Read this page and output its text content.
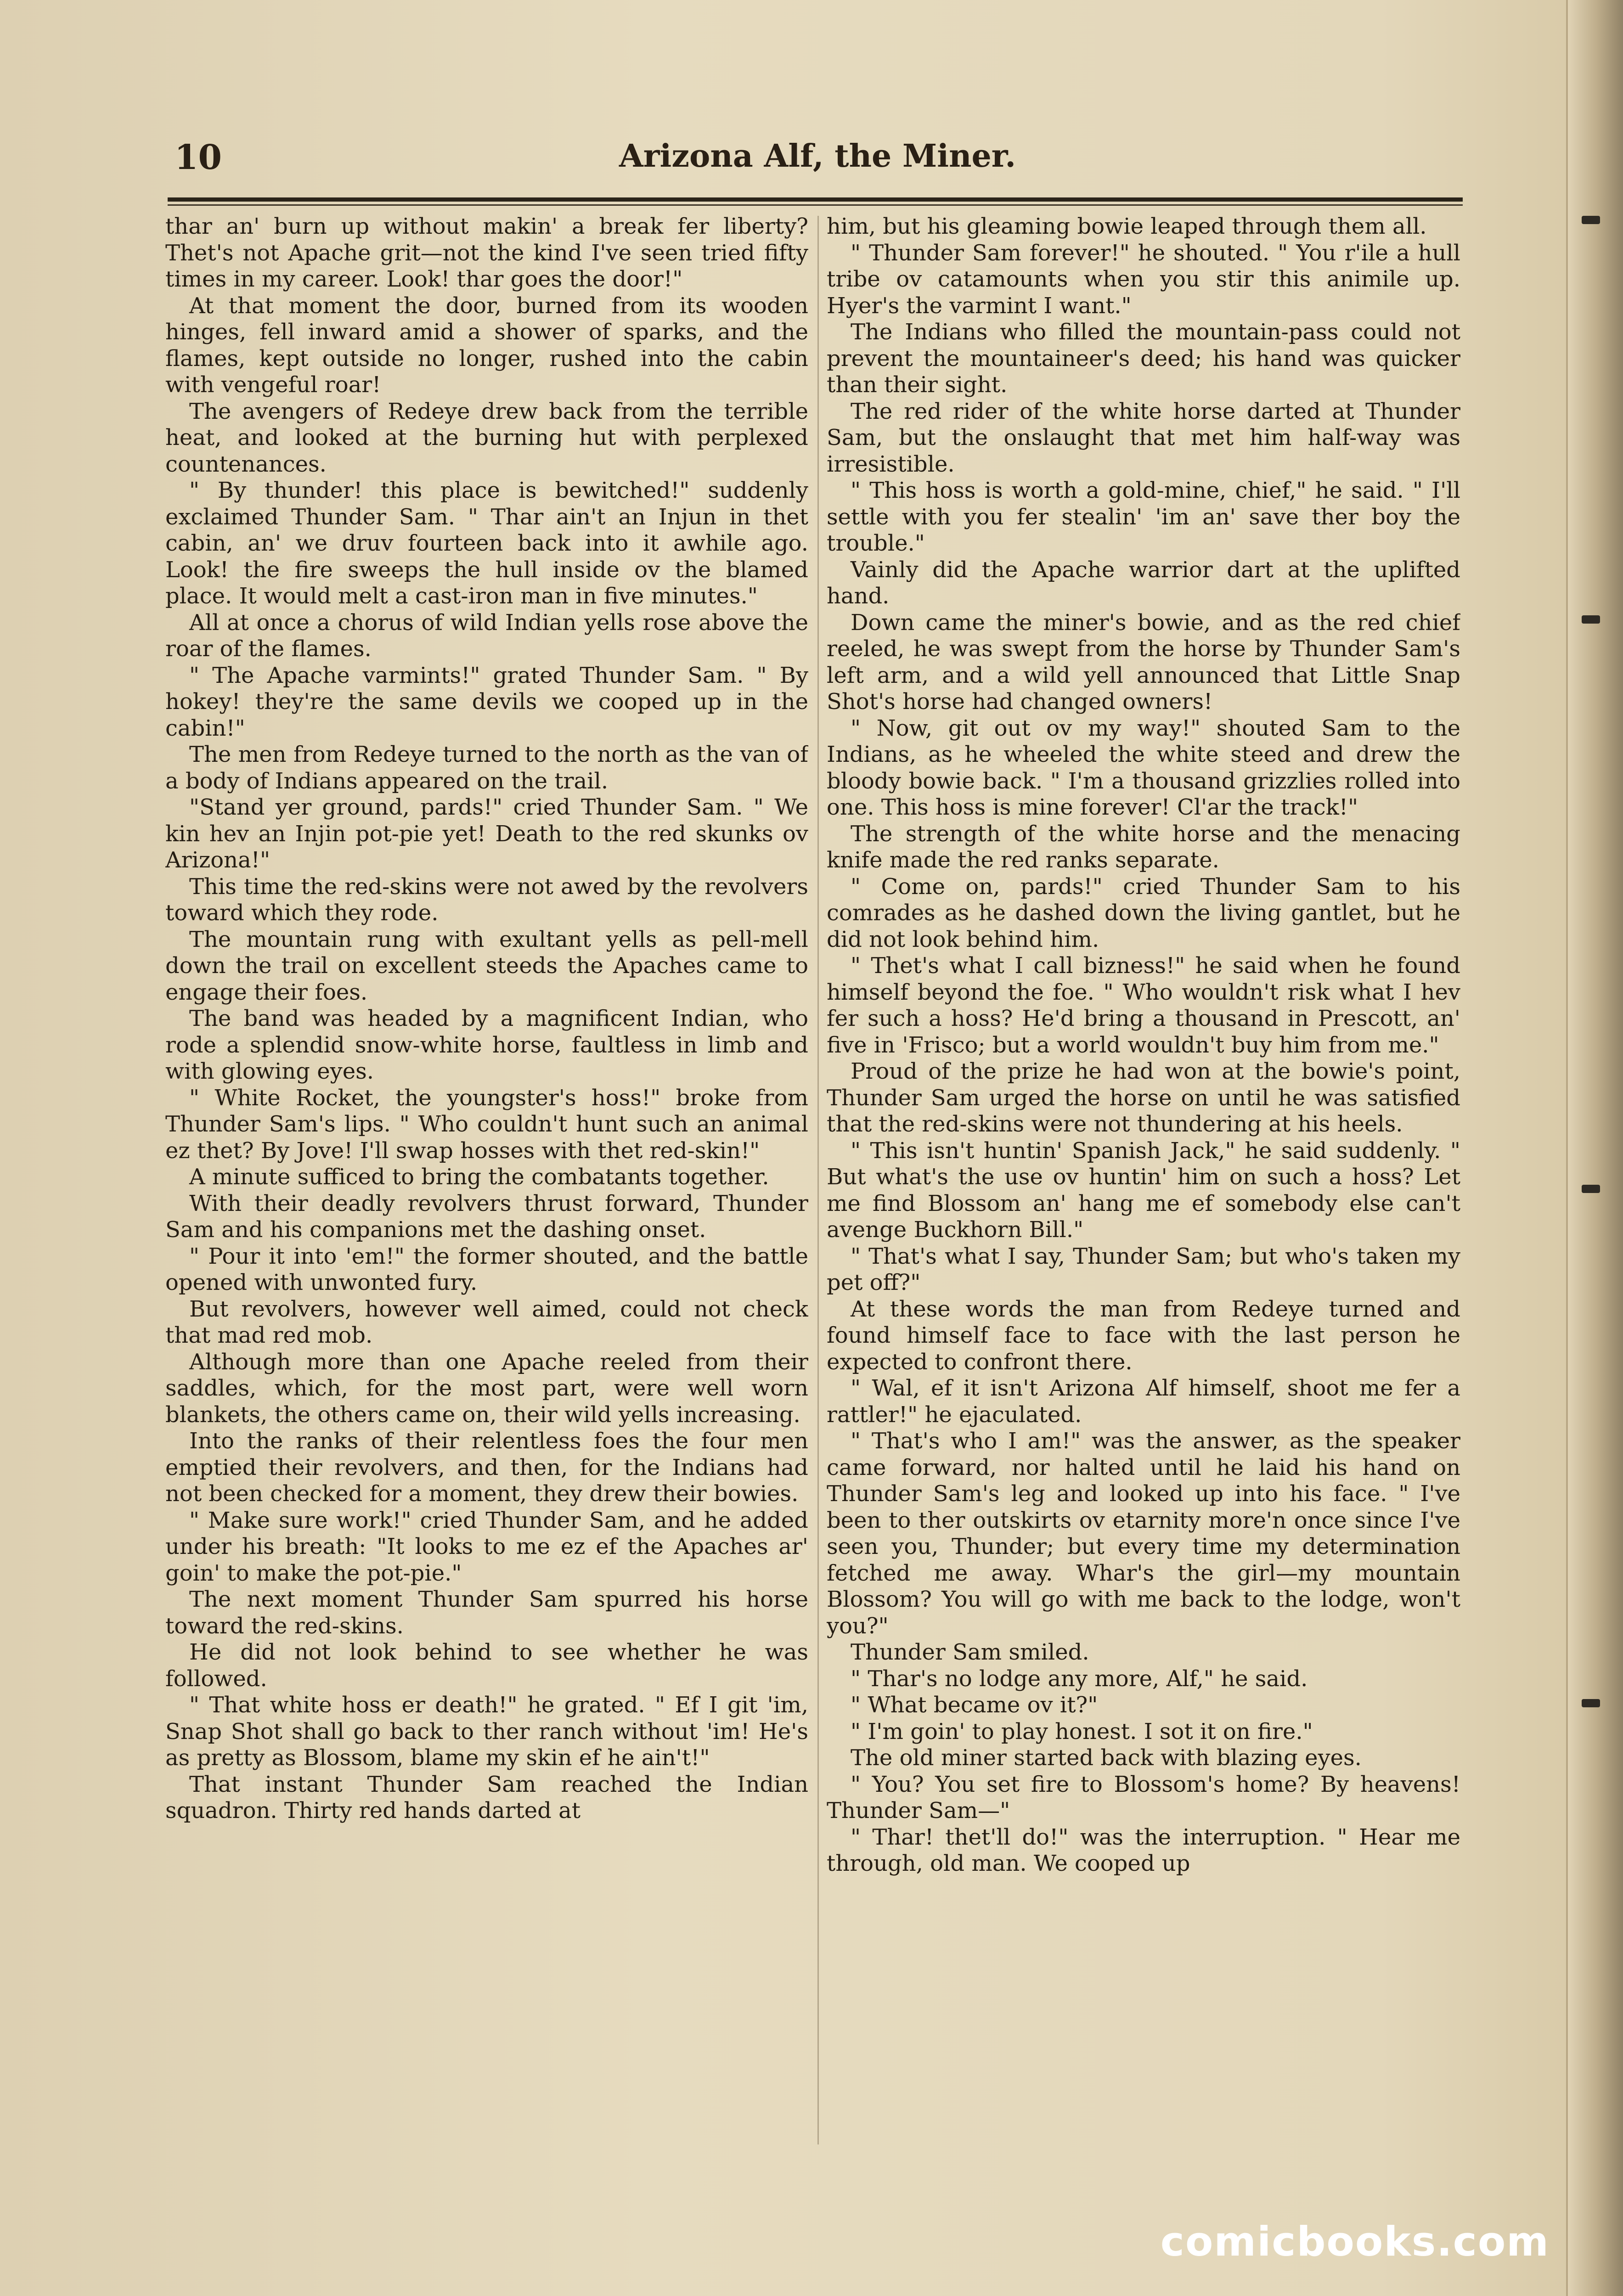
10	Arizona Alf, the Miner.

thar an' burn up without makin' a break fer liberty? Thet's not Apache grit—not the kind I've seen tried fifty times in my career. Look! thar goes the door!"

At that moment the door, burned from its wooden hinges, fell inward amid a shower of sparks, and the flames, kept outside no longer, rushed into the cabin with vengeful roar!

The avengers of Redeye drew back from the terrible heat, and looked at the burning hut with perplexed countenances.

" By thunder! this place is bewitched!" suddenly exclaimed Thunder Sam. " Thar ain't an Injun in thet cabin, an' we druv fourteen back into it awhile ago. Look! the fire sweeps the hull inside ov the blamed place. It would melt a cast-iron man in five minutes."

All at once a chorus of wild Indian yells rose above the roar of the flames.

" The Apache varmints!" grated Thunder Sam. " By hokey! they're the same devils we cooped up in the cabin!"

The men from Redeye turned to the north as the van of a body of Indians appeared on the trail.

"Stand yer ground, pards!" cried Thunder Sam. " We kin hev an Injin pot-pie yet! Death to the red skunks ov Arizona!"

This time the red-skins were not awed by the revolvers toward which they rode.

The mountain rung with exultant yells as pell-mell down the trail on excellent steeds the Apaches came to engage their foes.

The band was headed by a magnificent Indian, who rode a splendid snow-white horse, faultless in limb and with glowing eyes.

" White Rocket, the youngster's hoss!" broke from Thunder Sam's lips. " Who couldn't hunt such an animal ez thet? By Jove! I'll swap hosses with thet red-skin!"

A minute sufficed to bring the combatants together.

With their deadly revolvers thrust forward, Thunder Sam and his companions met the dashing onset.

" Pour it into 'em!" the former shouted, and the battle opened with unwonted fury.

But revolvers, however well aimed, could not check that mad red mob.

Although more than one Apache reeled from their saddles, which, for the most part, were well worn blankets, the others came on, their wild yells increasing.

Into the ranks of their relentless foes the four men emptied their revolvers, and then, for the Indians had not been checked for a moment, they drew their bowies.

" Make sure work!" cried Thunder Sam, and he added under his breath: "It looks to me ez ef the Apaches ar' goin' to make the pot-pie."

The next moment Thunder Sam spurred his horse toward the red-skins.

He did not look behind to see whether he was followed.

" That white hoss er death!" he grated. " Ef I git 'im, Snap Shot shall go back to ther ranch without 'im! He's as pretty as Blossom, blame my skin ef he ain't!"

That instant Thunder Sam reached the Indian squadron. Thirty red hands darted at

him, but his gleaming bowie leaped through them all.

" Thunder Sam forever!" he shouted. " You r'ile a hull tribe ov catamounts when you stir this animile up. Hyer's the varmint I want."

The Indians who filled the mountain-pass could not prevent the mountaineer's deed; his hand was quicker than their sight.

The red rider of the white horse darted at Thunder Sam, but the onslaught that met him half-way was irresistible.

" This hoss is worth a gold-mine, chief," he said. " I'll settle with you fer stealin' 'im an' save ther boy the trouble."

Vainly did the Apache warrior dart at the uplifted hand.

Down came the miner's bowie, and as the red chief reeled, he was swept from the horse by Thunder Sam's left arm, and a wild yell announced that Little Snap Shot's horse had changed owners!

" Now, git out ov my way!" shouted Sam to the Indians, as he wheeled the white steed and drew the bloody bowie back. " I'm a thousand grizzlies rolled into one. This hoss is mine forever! Cl'ar the track!"

The strength of the white horse and the menacing knife made the red ranks separate.

" Come on, pards!" cried Thunder Sam to his comrades as he dashed down the living gantlet, but he did not look behind him.

" Thet's what I call bizness!" he said when he found himself beyond the foe. " Who wouldn't risk what I hev fer such a hoss? He'd bring a thousand in Prescott, an' five in 'Frisco; but a world wouldn't buy him from me."

Proud of the prize he had won at the bowie's point, Thunder Sam urged the horse on until he was satisfied that the red-skins were not thundering at his heels.

" This isn't huntin' Spanish Jack," he said suddenly. " But what's the use ov huntin' him on such a hoss? Let me find Blossom an' hang me ef somebody else can't avenge Buckhorn Bill."

" That's what I say, Thunder Sam; but who's taken my pet off?"

At these words the man from Redeye turned and found himself face to face with the last person he expected to confront there.

" Wal, ef it isn't Arizona Alf himself, shoot me fer a rattler!" he ejaculated.

" That's who I am!" was the answer, as the speaker came forward, nor halted until he laid his hand on Thunder Sam's leg and looked up into his face. " I've been to ther outskirts ov etarnity more'n once since I've seen you, Thunder; but every time my determination fetched me away. Whar's the girl—my mountain Blossom? You will go with me back to the lodge, won't you?"

Thunder Sam smiled.

" Thar's no lodge any more, Alf," he said.

" What became ov it?"

" I'm goin' to play honest. I sot it on fire."

The old miner started back with blazing eyes.

" You? You set fire to Blossom's home? By heavens! Thunder Sam—"

" Thar! thet'll do!" was the interruption. " Hear me through, old man. We cooped up

comicbooks.com
